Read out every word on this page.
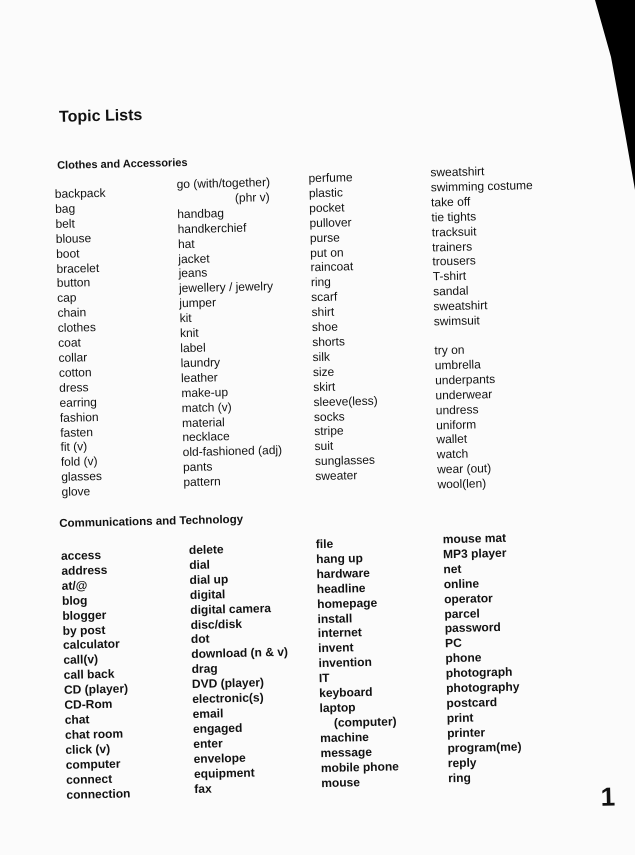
Topic Lists
Clothes and Accessories
backpack
bag
belt
blouse
boot
bracelet
button
cap
chain
clothes
coat
collar
cotton
dress
earring
fashion
fasten
fit (v)
fold (v)
glasses
glove
go (with/together)
(phr v)
handbag
handkerchief
hat
jacket
jeans
jewellery / jewelry
jumper
kit
knit
label
laundry
leather
make-up
match (v)
material
necklace
old-fashioned (adj)
pants
pattern
perfume
plastic
pocket
pullover
purse
put on
raincoat
ring
scarf
shirt
shoe
shorts
silk
size
skirt
sleeve(less)
socks
stripe
suit
sunglasses
sweater
sweatshirt
swimming costume
take off
tie tights
tracksuit
trainers
trousers
T-shirt
sandal
sweatshirt
swimsuit
try on
umbrella
underpants
underwear
undress
uniform
wallet
watch
wear (out)
wool(len)
Communications and Technology
access
address
at/@
blog
blogger
by post
calculator
call(v)
call back
CD (player)
CD-Rom
chat
chat room
click (v)
computer
connect
connection
delete
dial
dial up
digital
digital camera
disc/disk
dot
download (n & v)
drag
DVD (player)
electronic(s)
email
engaged
enter
envelope
equipment
fax
file
hang up
hardware
headline
homepage
install
internet
invent
invention
IT
keyboard
laptop
(computer)
machine
message
mobile phone
mouse
mouse mat
MP3 player
net
online
operator
parcel
password
PC
phone
photograph
photography
postcard
print
printer
program(me)
reply
ring
1
